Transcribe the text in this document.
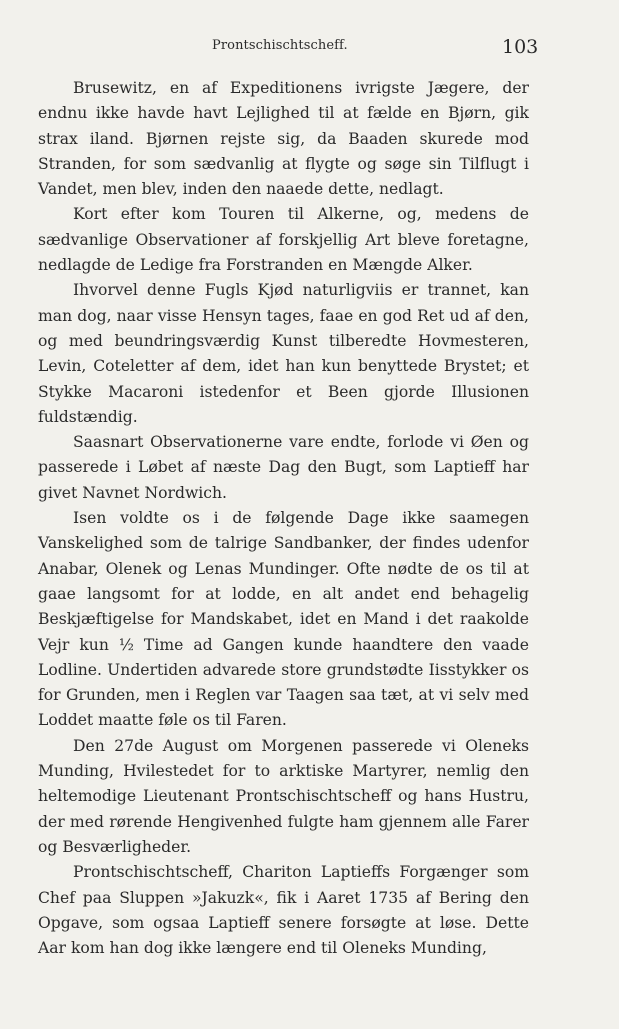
Prontschischtscheff.	103

Brusewitz, en af Expeditionens ivrigste Jægere, der endnu ikke havde havt Lejlighed til at fælde en Bjørn, gik strax iland. Bjørnen rejste sig, da Baaden skurede mod Stranden, for som sædvanlig at flygte og søge sin Tilflugt i Vandet, men blev, inden den naaede dette, nedlagt.

Kort efter kom Touren til Alkerne, og, medens de sædvanlige Observationer af forskjellig Art bleve foretagne, nedlagde de Ledige fra Forstranden en Mængde Alker.

Ihvorvel denne Fugls Kjød naturligviis er trannet, kan man dog, naar visse Hensyn tages, faae en god Ret ud af den, og med beundringsværdig Kunst tilberedte Hovmesteren, Levin, Coteletter af dem, idet han kun benyttede Brystet; et Stykke Macaroni istedenfor et Been gjorde Illusionen fuldstændig.

Saasnart Observationerne vare endte, forlode vi Øen og passerede i Løbet af næste Dag den Bugt, som Laptieff har givet Navnet Nordwich.

Isen voldte os i de følgende Dage ikke saamegen Vanskelighed som de talrige Sandbanker, der findes udenfor Anabar, Olenek og Lenas Mundinger. Ofte nødte de os til at gaae langsomt for at lodde, en alt andet end behagelig Beskjæftigelse for Mandskabet, idet en Mand i det raakolde Vejr kun ½ Time ad Gangen kunde haandtere den vaade Lodline. Undertiden advarede store grundstødte Iisstykker os for Grunden, men i Reglen var Taagen saa tæt, at vi selv med Loddet maatte føle os til Faren.

Den 27de August om Morgenen passerede vi Oleneks Munding, Hvilestedet for to arktiske Martyrer, nemlig den heltemodige Lieutenant Prontschischtscheff og hans Hustru, der med rørende Hengivenhed fulgte ham gjennem alle Farer og Besværligheder.

Prontschischtscheff, Chariton Laptieffs Forgænger som Chef paa Sluppen »Jakuzk«, fik i Aaret 1735 af Bering den Opgave, som ogsaa Laptieff senere forsøgte at løse. Dette Aar kom han dog ikke længere end til Oleneks Munding,
